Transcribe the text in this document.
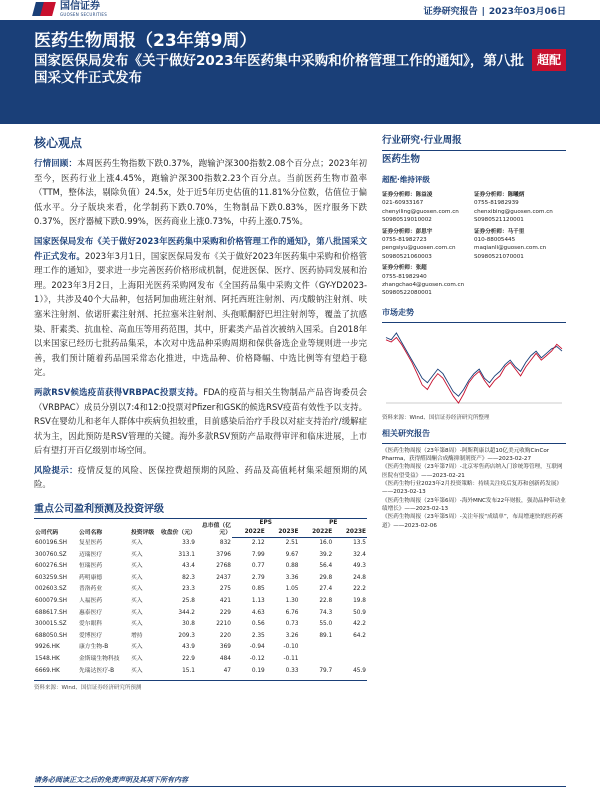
国信证券
GUOSEN SECURITIES	证券研究报告 | 2023年03月06日
医药生物周报（23年第9周）
国家医保局发布《关于做好2023年医药集中采购和价格管理工作的通知》，第八批国采文件正式发布
超配
核心观点
行情回顾：本周医药生物指数下跌0.37%，跑输沪深300指数2.08个百分点；2023年初至今，医药行业上涨4.45%，跑输沪深300指数2.23个百分点。当前医药生物市盈率（TTM，整体法，剔除负值）24.5x，处于近5年历史估值的11.81%分位数，估值位于偏低水平。分子版块来看，化学制药下跌0.70%，生物制品下跌0.83%，医疗服务下跌0.37%，医疗器械下跌0.99%，医药商业上涨0.73%，中药上涨0.75%。
国家医保局发布《关于做好2023年医药集中采购和价格管理工作的通知》，第八批国采文件正式发布。2023年3月1日，国家医保局发布《关于做好2023年医药集中采购和价格管理工作的通知》，要求进一步完善医药价格形成机制，促进医保、医疗、医药协同发展和治理。2023年3月2日，上海阳光医药采购网发布《全国药品集中采购文件（GY-YD2023-1）》，共涉及40个大品种，包括阿加曲班注射剂、阿托西班注射剂、丙戊酸钠注射剂、呋塞米注射剂、依诺肝素注射剂、托拉塞米注射剂、头孢哌酮舒巴坦注射剂等，覆盖了抗感染、肝素类、抗血栓、高血压等用药范围，其中，肝素类产品首次被纳入国采。自2018年以来国家已经历七批药品集采，本次对中选品种采购周期和保供备选企业等规则进一步完善，我们预计随着药品国采常态化推进，中选品种、价格降幅、中选比例等有望趋于稳定。
两款RSV候选疫苗获得VRBPAC投票支持。FDA的疫苗与相关生物制品产品咨询委员会（VRBPAC）成员分别以7:4和12:0投票对Pfizer和GSK的候选RSV疫苗有效性予以支持。RSV在婴幼儿和老年人群体中疾病负担较重，目前感染后治疗手段以对症支持治疗/缓解症状为主，因此预防是RSV管理的关键。海外多款RSV预防产品取得审评和临床进展，上市后有望打开百亿级别市场空间。
风险提示：疫情反复的风险、医保控费超预期的风险、药品及高值耗材集采超预期的风险。
重点公司盈利预测及投资评级
公司代码	公司名称	投资评级	收盘价（元）	总市值（亿元）	EPS		PE	
					2022E	2023E	2022E	2023E
600196.SH	复星医药	买入	33.9	832	2.12	2.51	16.0	13.5
300760.SZ	迈瑞医疗	买入	313.1	3796	7.99	9.67	39.2	32.4
600276.SH	恒瑞医药	买入	43.4	2768	0.77	0.88	56.4	49.3
603259.SH	药明康德	买入	82.3	2437	2.79	3.36	29.8	24.8
002603.SZ	普洛药业	买入	23.3	275	0.85	1.05	27.4	22.2
600079.SH	人福医药	买入	25.8	421	1.13	1.30	22.8	19.8
688617.SH	惠泰医疗	买入	344.2	229	4.63	6.76	74.3	50.9
300015.SZ	爱尔眼科	买入	30.8	2210	0.56	0.73	55.0	42.2
688050.SH	爱博医疗	增持	209.3	220	2.35	3.26	89.1	64.2
9926.HK	康方生物-B	买入	43.9	369	-0.94	-0.10		
1548.HK	金斯瑞生物科技	买入	22.9	484	-0.12	-0.11		
6669.HK	先瑞达医疗-B	买入	15.1	47	0.19	0.33	79.7	45.9
资料来源：Wind、国信证券经济研究所预测
行业研究·行业周报
医药生物
超配·维持评级
证券分析师：陈益凌
021-60933167
chenyiling@guosen.com.cn
S0980519010002
证券分析师：陈曦炳
0755-81982939
chenxibing@guosen.com.cn
S0980521120001
证券分析师：彭思宇
0755-81982723
pengsiyu@guosen.com.cn
S0980521060003
证券分析师：马千里
010-88005445
maqianli@guosen.com.cn
S0980521070001
证券分析师：张超
0755-81982940
zhangchao4@guosen.com.cn
S0980522080001
市场走势
资料来源：Wind、国信证券经济研究所整理
相关研究报告
《医药生物周报（23年第8周）-阿斯利康以超10亿美元收购CinCor Pharma，获得醛固酮合成酶抑制剂资产》——2023-02-27
《医药生物周报（23年第7周）-北京零售药店纳入门诊统筹管理，互联网医院有望受益》——2023-02-21
《医药生物行业2023年2月投资策略：持续关注疫后复苏和创新药发展》——2023-02-13
《医药生物周报（23年第6周）-海外MNC发布22年财报，强劲品种带动业绩增长》——2023-02-13
《医药生物周报（23年第5周）-关注年报“成绩单”，布局增速快的医药赛道》——2023-02-06
请务必阅读正文之后的免责声明及其项下所有内容
